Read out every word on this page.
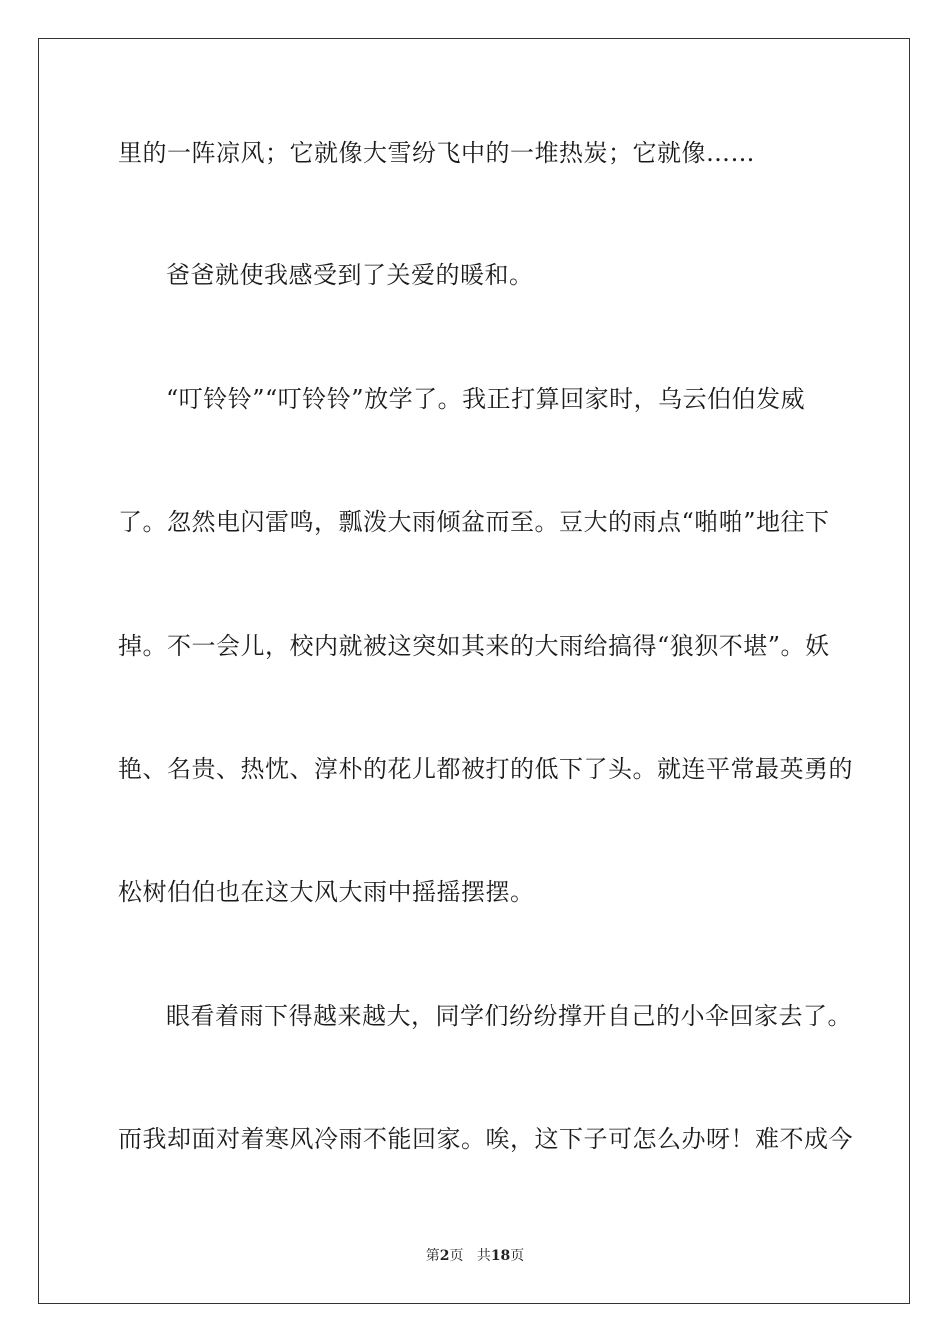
里的一阵凉风；它就像大雪纷飞中的一堆热炭；它就像……
爸爸就使我感受到了关爱的暖和。
“叮铃铃”“叮铃铃”放学了。我正打算回家时，乌云伯伯发威
了。忽然电闪雷鸣，瓢泼大雨倾盆而至。豆大的雨点“啪啪”地往下
掉。不一会儿，校内就被这突如其来的大雨给搞得“狼狈不堪”。妖
艳、名贵、热忱、淳朴的花儿都被打的低下了头。就连平常最英勇的
松树伯伯也在这大风大雨中摇摇摆摆。
眼看着雨下得越来越大，同学们纷纷撑开自己的小伞回家去了。
而我却面对着寒风冷雨不能回家。唉，这下子可怎么办呀！难不成今
第2页 共18页
